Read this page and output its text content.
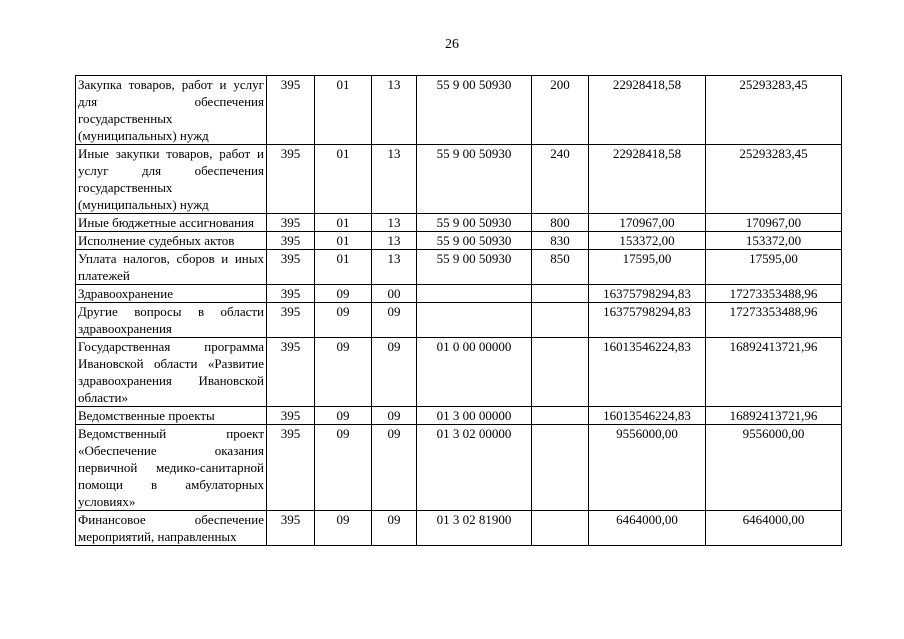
26
Закупка товаров, работ и услуг для обеспечения государственных (муниципальных) нужд	395	01	13	55 9 00 50930	200	22928418,58	25293283,45
Иные закупки товаров, работ и услуг для обеспечения государственных (муниципальных) нужд	395	01	13	55 9 00 50930	240	22928418,58	25293283,45
Иные бюджетные ассигнования	395	01	13	55 9 00 50930	800	170967,00	170967,00
Исполнение судебных актов	395	01	13	55 9 00 50930	830	153372,00	153372,00
Уплата налогов, сборов и иных платежей	395	01	13	55 9 00 50930	850	17595,00	17595,00
Здравоохранение	395	09	00			16375798294,83	17273353488,96
Другие вопросы в области здравоохранения	395	09	09			16375798294,83	17273353488,96
Государственная программа Ивановской области «Развитие здравоохранения Ивановской области»	395	09	09	01 0 00 00000		16013546224,83	16892413721,96
Ведомственные проекты	395	09	09	01 3 00 00000		16013546224,83	16892413721,96
Ведомственный проект «Обеспечение оказания первичной медико-санитарной помощи в амбулаторных условиях»	395	09	09	01 3 02 00000		9556000,00	9556000,00
Финансовое обеспечение мероприятий, направленных	395	09	09	01 3 02 81900		6464000,00	6464000,00
